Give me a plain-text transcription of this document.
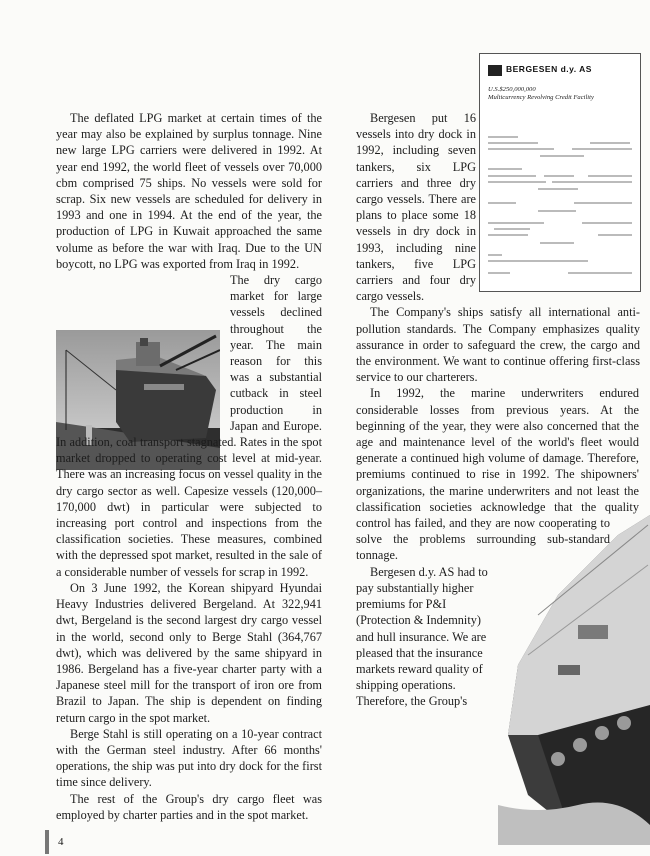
BERGESEN d.y. AS
U.S.$250,000,000
Multicurrency Revolving Credit Facility

The deflated LPG market at certain times of the year may also be explained by surplus tonnage. Nine new large LPG carriers were delivered in 1992. At year end 1992, the world fleet of vessels over 70,000 cbm comprised 75 ships. No vessels were sold for scrap. Six new vessels are scheduled for delivery in 1993 and one in 1994. At the end of the year, the production of LPG in Kuwait approached the same volume as before the war with Iraq. Due to the UN boycott, no LPG was exported from Iraq in 1992.

The dry cargo market for large vessels declined throughout the year. The main reason for this was a substantial cutback in steel production in Japan and Europe. In addition, coal transport stagnated. Rates in the spot market dropped to operating cost level at mid-year. There was an increasing focus on vessel quality in the dry cargo sector as well. Capesize vessels (120,000–170,000 dwt) in particular were subjected to increasing port control and inspections from the classification societies. These measures, combined with the depressed spot market, resulted in the sale of a considerable number of vessels for scrap in 1992.

On 3 June 1992, the Korean shipyard Hyundai Heavy Industries delivered Bergeland. At 322,941 dwt, Bergeland is the second largest dry cargo vessel in the world, second only to Berge Stahl (364,767 dwt), which was delivered by the same shipyard in 1986. Bergeland has a five-year charter party with a Japanese steel mill for the transport of iron ore from Brazil to Japan. The ship is dependent on finding return cargo in the spot market.

Berge Stahl is still operating on a 10-year contract with the German steel industry. After 66 months' operations, the ship was put into dry dock for the first time since delivery.

The rest of the Group's dry cargo fleet was employed by charter parties and in the spot market.

Bergesen put 16 vessels into dry dock in 1992, including seven tankers, six LPG carriers and three dry cargo vessels. There are plans to place some 18 vessels in dry dock in 1993, including nine tankers, five LPG carriers and four dry cargo vessels.

The Company's ships satisfy all international anti-pollution standards. The Company emphasizes quality assurance in order to safeguard the crew, the cargo and the environment. We want to continue offering first-class service to our charterers.

In 1992, the marine underwriters endured considerable losses from previous years. At the beginning of the year, they were also concerned that the age and maintenance level of the world's fleet would generate a continued high volume of damage. Therefore, premiums continued to rise in 1992. The shipowners' organizations, the marine underwriters and not least the classification societies acknowledge that the quality control has failed, and they are now cooperating to solve the problems surrounding sub-standard tonnage.

Bergesen d.y. AS had to pay substantially higher premiums for P&I (Protection & Indemnity) and hull insurance. We are pleased that the insurance markets reward quality of shipping operations. Therefore, the Group's

4
